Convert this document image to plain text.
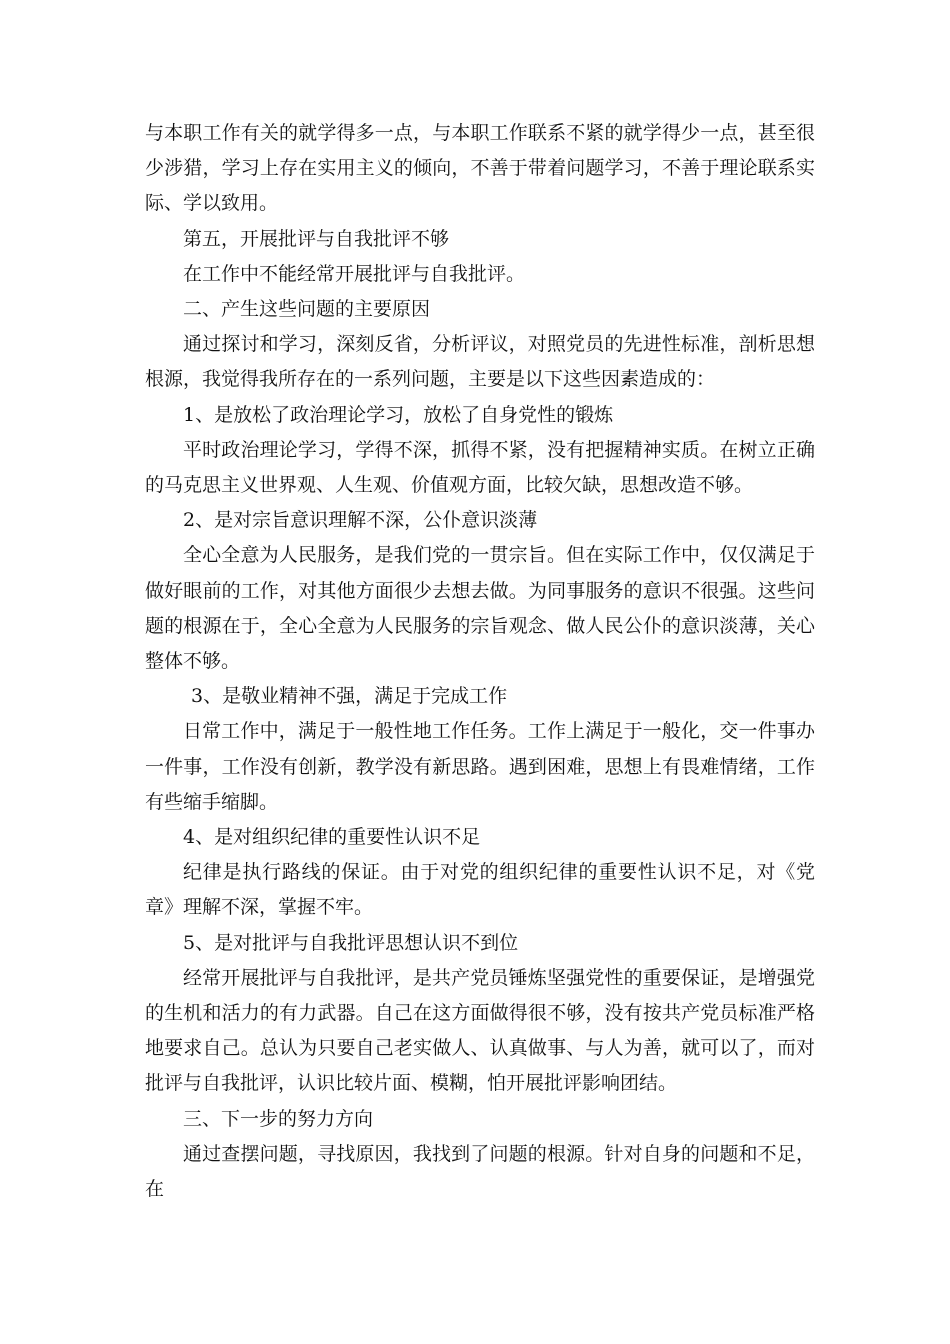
与本职工作有关的就学得多一点，与本职工作联系不紧的就学得少一点，甚至很少涉猎，学习上存在实用主义的倾向，不善于带着问题学习，不善于理论联系实际、学以致用。

第五，开展批评与自我批评不够

在工作中不能经常开展批评与自我批评。

二、产生这些问题的主要原因

通过探讨和学习，深刻反省，分析评议，对照党员的先进性标准，剖析思想根源，我觉得我所存在的一系列问题，主要是以下这些因素造成的：

1、是放松了政治理论学习，放松了自身党性的锻炼

平时政治理论学习，学得不深，抓得不紧，没有把握精神实质。在树立正确的马克思主义世界观、人生观、价值观方面，比较欠缺，思想改造不够。

2、是对宗旨意识理解不深，公仆意识淡薄

全心全意为人民服务，是我们党的一贯宗旨。但在实际工作中，仅仅满足于做好眼前的工作，对其他方面很少去想去做。为同事服务的意识不很强。这些问题的根源在于，全心全意为人民服务的宗旨观念、做人民公仆的意识淡薄，关心整体不够。

3、是敬业精神不强，满足于完成工作

日常工作中，满足于一般性地工作任务。工作上满足于一般化，交一件事办一件事，工作没有创新，教学没有新思路。遇到困难，思想上有畏难情绪，工作有些缩手缩脚。

4、是对组织纪律的重要性认识不足

纪律是执行路线的保证。由于对党的组织纪律的重要性认识不足，对《党章》理解不深，掌握不牢。

5、是对批评与自我批评思想认识不到位

经常开展批评与自我批评，是共产党员锤炼坚强党性的重要保证，是增强党的生机和活力的有力武器。自己在这方面做得很不够，没有按共产党员标准严格地要求自己。总认为只要自己老实做人、认真做事、与人为善，就可以了，而对批评与自我批评，认识比较片面、模糊，怕开展批评影响团结。

三、下一步的努力方向

通过查摆问题，寻找原因，我找到了问题的根源。针对自身的问题和不足，在
